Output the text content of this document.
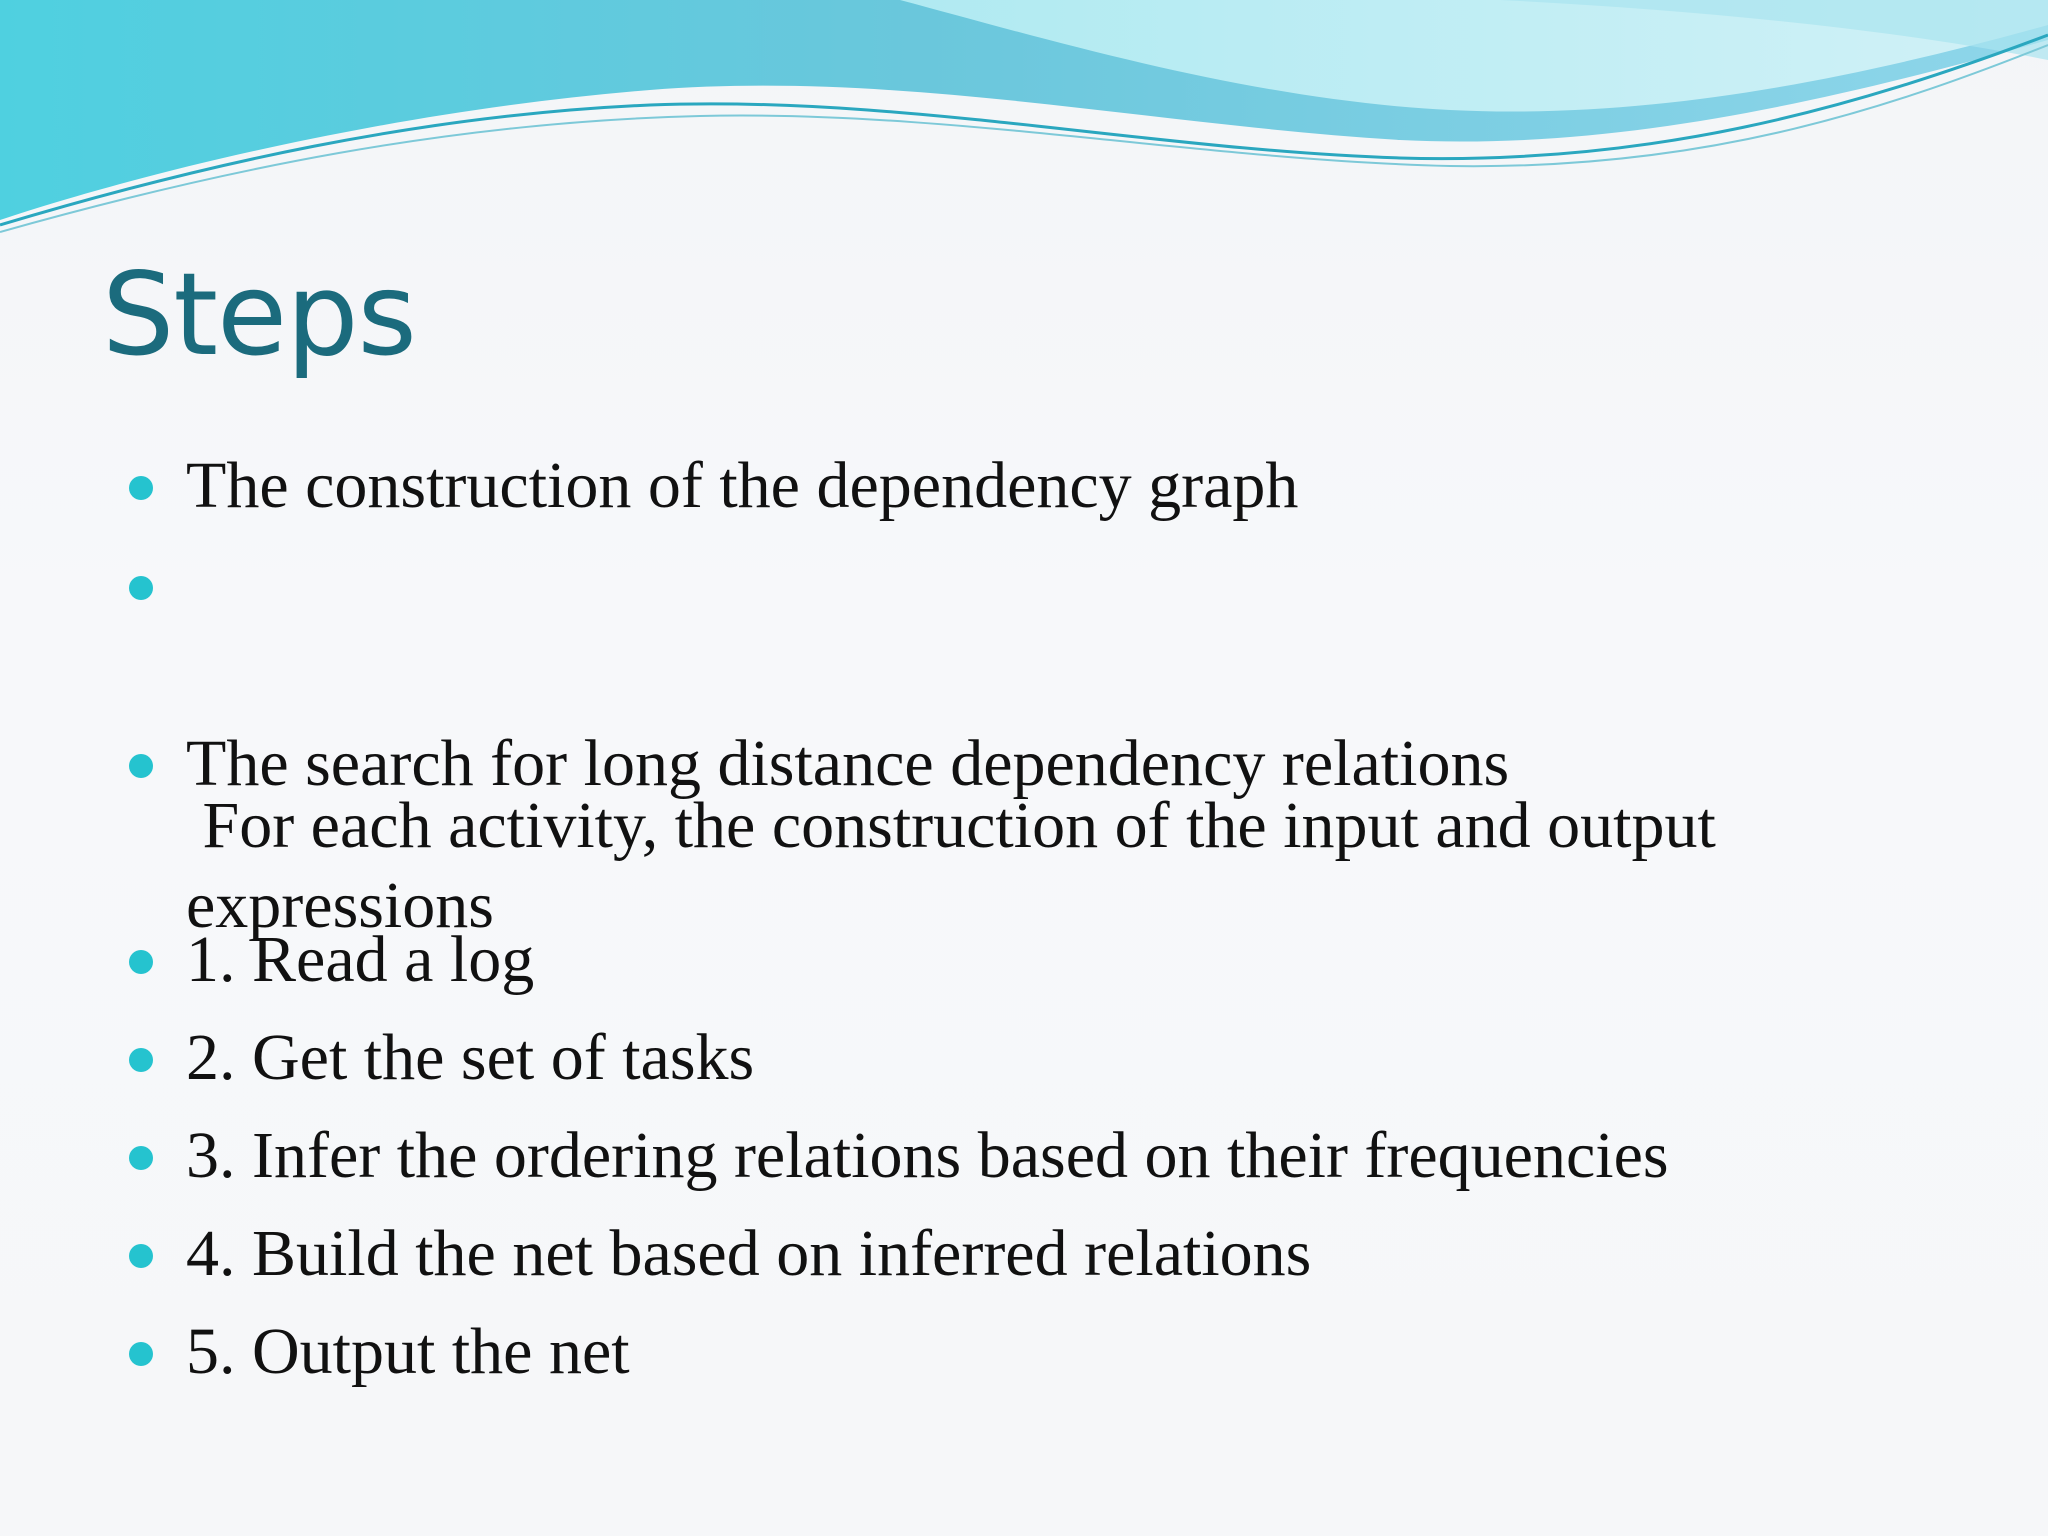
Steps
The construction of the dependency graph

For each activity, the construction of the input and output expressions

The search for long distance dependency relations
1. Read a log
2. Get the set of tasks
3. Infer the ordering relations based on their frequencies
4. Build the net based on inferred relations
5. Output the net
